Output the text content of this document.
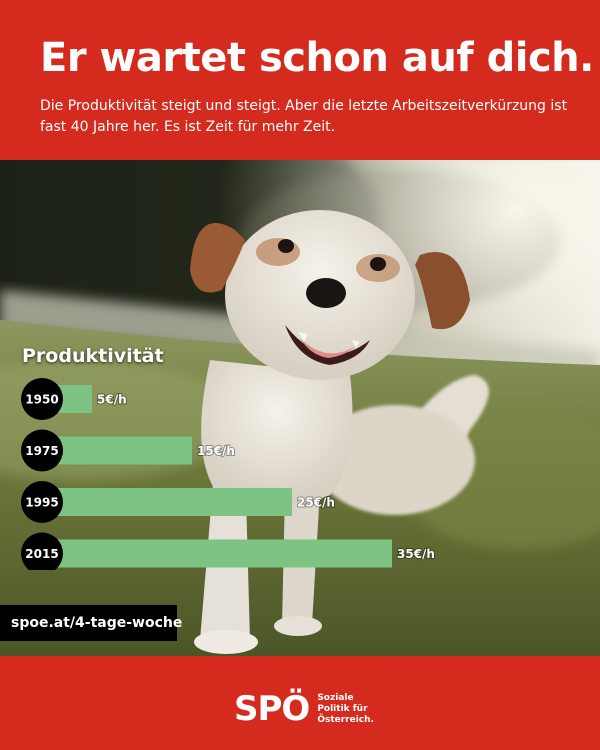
Er wartet schon auf dich.

Die Produktivität steigt und steigt. Aber die letzte Arbeitszeitverkürzung ist fast 40 Jahre her. Es ist Zeit für mehr Zeit.

Produktivität
1950	5€/h
1975	15€/h
1995	25€/h
2015	35€/h
spoe.at/4-tage-woche
SPÖ Soziale
Politik für
Österreich.
